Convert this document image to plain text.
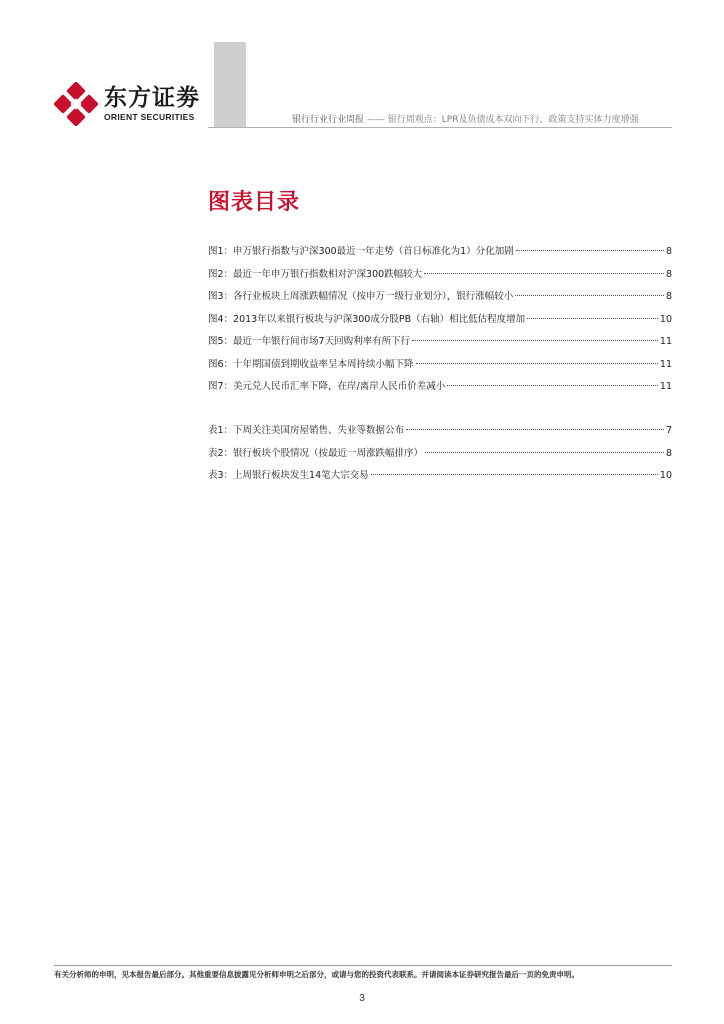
东方证劵
ORIENT SECURITIES	银行行业行业周报 —— 银行周观点：LPR及负债成本双向下行，政策支持实体力度增强
图表目录
图1：申万银行指数与沪深300最近一年走势（首日标准化为1）分化加剧	8
图2：最近一年申万银行指数相对沪深300跌幅较大	8
图3：各行业板块上周涨跌幅情况（按申万一级行业划分），银行涨幅较小	8
图4：2013年以来银行板块与沪深300成分股PB（右轴）相比低估程度增加	10
图5：最近一年银行间市场7天回购利率有所下行	11
图6：十年期国债到期收益率呈本周持续小幅下降	11
图7：美元兑人民币汇率下降，在岸/离岸人民币价差减小	11
表1：下周关注美国房屋销售、失业等数据公布	7
表2：银行板块个股情况（按最近一周涨跌幅排序）	8
表3：上周银行板块发生14笔大宗交易	10
有关分析师的申明，见本报告最后部分。其他重要信息披露见分析师申明之后部分，或请与您的投资代表联系。并请阅读本证券研究报告最后一页的免责申明。
3
